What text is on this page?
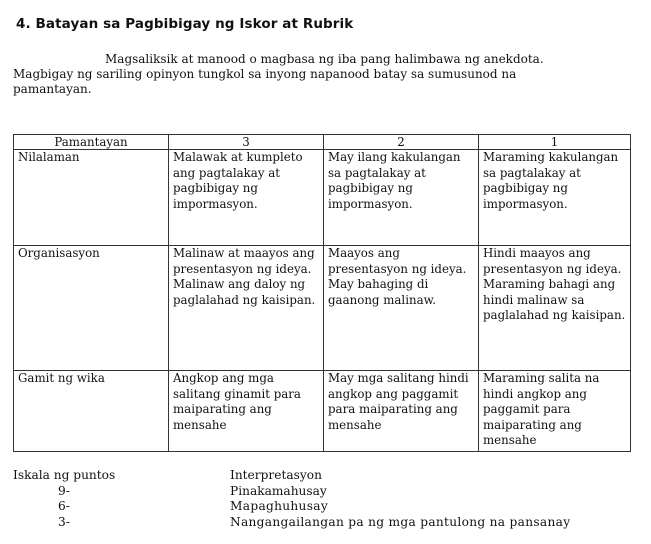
4. Batayan sa Pagbibigay ng Iskor at Rubrik
Magsaliksik at manood o magbasa ng iba pang halimbawa ng anekdota.
Magbigay ng sariling opinyon tungkol sa inyong napanood batay sa sumusunod na
pamantayan.
Pamantayan	3	2	1
Nilalaman	Malawak at kumpleto ang pagtalakay at pagbibigay ng impormasyon.	May ilang kakulangan sa pagtalakay at pagbibigay ng impormasyon.	Maraming kakulangan sa pagtalakay at pagbibigay ng impormasyon.
Organisasyon	Malinaw at maayos ang presentasyon ng ideya. Malinaw ang daloy ng paglalahad ng kaisipan.	Maayos ang presentasyon ng ideya. May bahaging di gaanong malinaw.	Hindi maayos ang presentasyon ng ideya. Maraming bahagi ang hindi malinaw sa paglalahad ng kaisipan.
Gamit ng wika	Angkop ang mga salitang ginamit para maiparating ang mensahe	May mga salitang hindi angkop ang paggamit para maiparating ang mensahe	Maraming salita na hindi angkop ang paggamit para maiparating ang mensahe
Iskala ng puntos	Interpretasyon
9-	Pinakamahusay
6-	Mapaghuhusay
3-	Nangangailangan pa ng mga pantulong na pansanay
